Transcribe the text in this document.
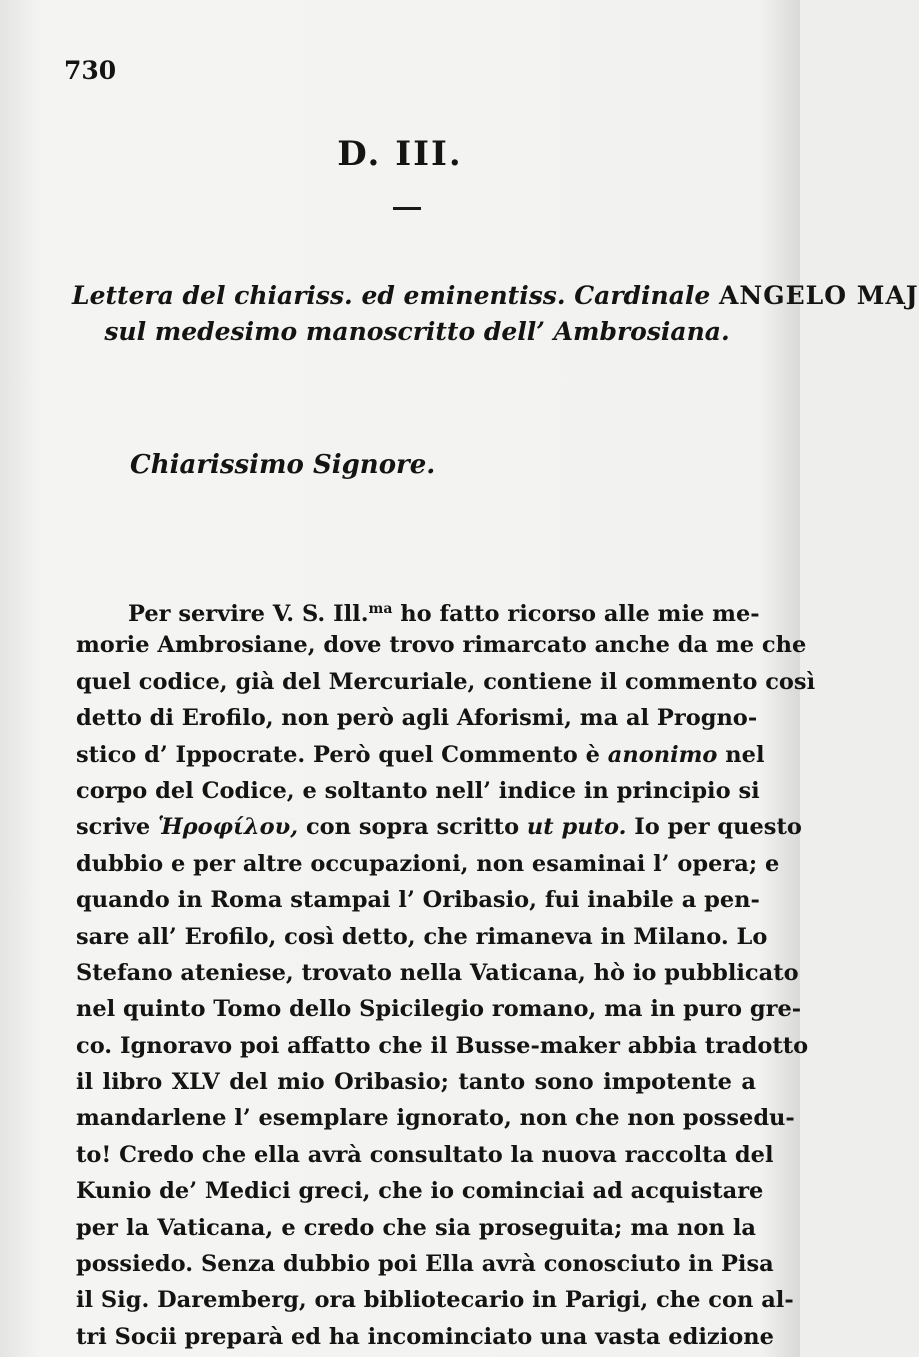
730
D. III.
Lettera del chiariss. ed eminentiss. Cardinale ANGELO MAJ
sul medesimo manoscritto dell’ Ambrosiana.
Chiarissimo Signore.
Per servire V. S. Ill.$^{ma}$ ho fatto ricorso alle mie me-
morie Ambrosiane, dove trovo rimarcato anche da me che
quel codice, già del Mercuriale, contiene il commento così
detto di Erofilo, non però agli Aforismi, ma al Progno-
stico d’ Ippocrate. Però quel Commento è anonimo nel
corpo del Codice, e soltanto nell’ indice in principio si
scrive Ἡροφίλου, con sopra scritto ut puto. Io per questo
dubbio e per altre occupazioni, non esaminai l’ opera; e
quando in Roma stampai l’ Oribasio, fui inabile a pen-
sare all’ Erofilo, così detto, che rimaneva in Milano. Lo
Stefano ateniese, trovato nella Vaticana, hò io pubblicato
nel quinto Tomo dello Spicilegio romano, ma in puro gre-
co. Ignoravo poi affatto che il Busse-maker abbia tradotto
il libro XLV del mio Oribasio; tanto sono impotente a
mandarlene l’ esemplare ignorato, non che non possedu-
to! Credo che ella avrà consultato la nuova raccolta del
Kunio de’ Medici greci, che io cominciai ad acquistare
per la Vaticana, e credo che sia proseguita; ma non la
possiedo. Senza dubbio poi Ella avrà conosciuto in Pisa
il Sig. Daremberg, ora bibliotecario in Parigi, che con al-
tri Socii preparà ed ha incominciato una vasta edizione
